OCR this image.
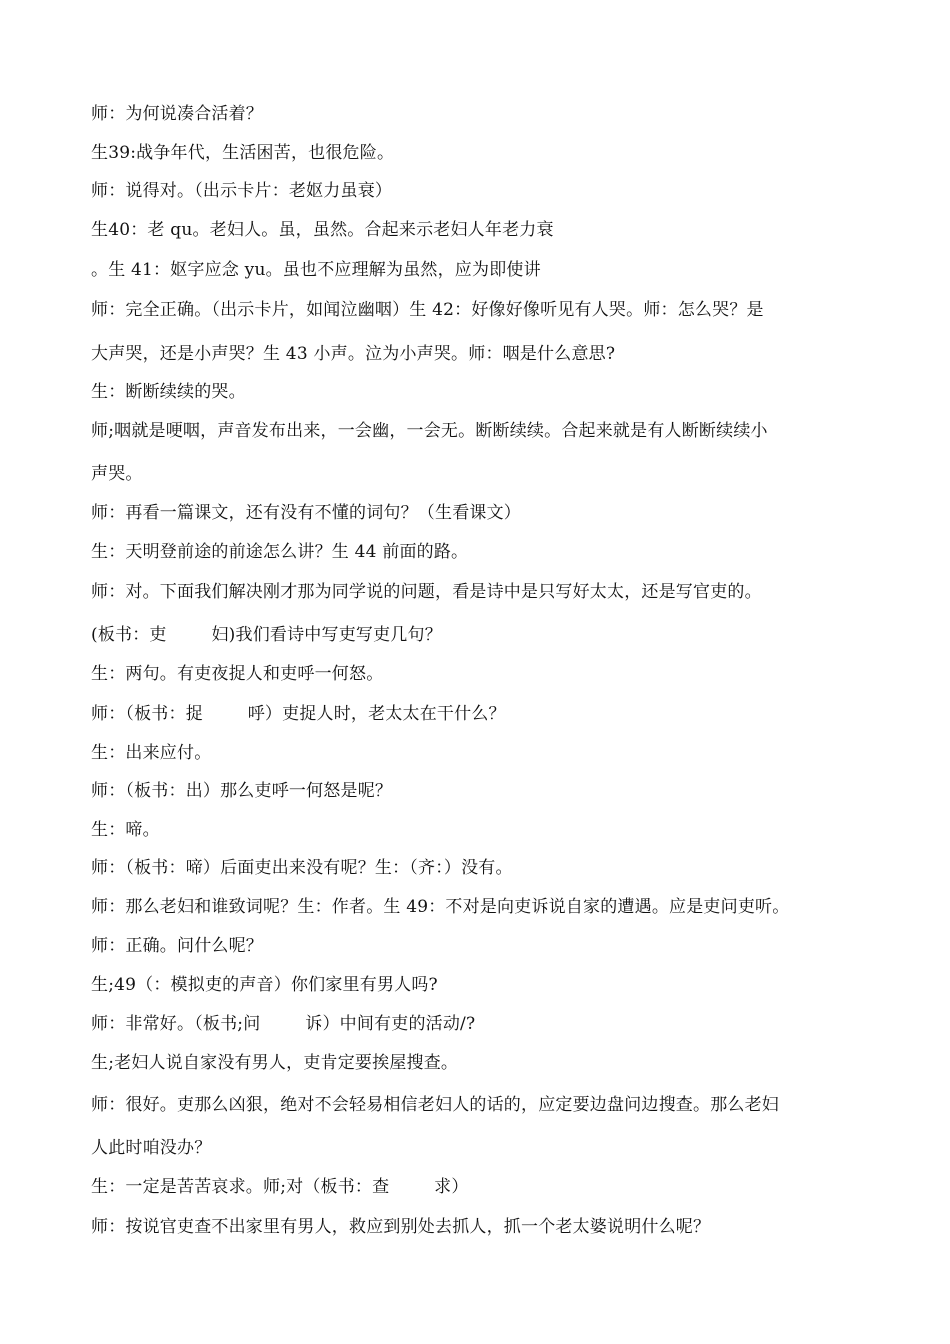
师：为何说凑合活着？
生39:战争年代，生活困苦，也很危险。
师：说得对。（出示卡片：老妪力虽衰）
生40：老 qu。老妇人。虽，虽然。合起来示老妇人年老力衰
。生 41：妪字应念 yu。虽也不应理解为虽然，应为即使讲
师：完全正确。（出示卡片，如闻泣幽咽）生 42：好像好像听见有人哭。师：怎么哭？是
大声哭，还是小声哭？生 43 小声。泣为小声哭。师：咽是什么意思?
生：断断续续的哭。
师;咽就是哽咽，声音发布出来，一会幽，一会无。断断续续。合起来就是有人断断续续小
声哭。
师：再看一篇课文，还有没有不懂的词句？（生看课文）
生：天明登前途的前途怎么讲？生 44 前面的路。
师：对。下面我们解决刚才那为同学说的问题，看是诗中是只写好太太，还是写官吏的。
(板书：吏        妇)我们看诗中写吏写吏几句？
生：两句。有吏夜捉人和吏呼一何怒。
师：（板书：捉        呼）吏捉人时，老太太在干什么？
生：出来应付。
师：（板书：出）那么吏呼一何怒是呢？
生：啼。
师：（板书：啼）后面吏出来没有呢？生：（齐：）没有。
师：那么老妇和谁致词呢？生：作者。生 49：不对是向吏诉说自家的遭遇。应是吏问吏听。
师：正确。问什么呢？
生;49（：模拟吏的声音）你们家里有男人吗?
师：非常好。（板书;问        诉）中间有吏的活动/?
生;老妇人说自家没有男人，吏肯定要挨屋搜查。
师：很好。吏那么凶狠，绝对不会轻易相信老妇人的话的，应定要边盘问边搜查。那么老妇
人此时咱没办？
生：一定是苦苦哀求。师;对（板书：查        求）
师：按说官吏查不出家里有男人，救应到别处去抓人，抓一个老太婆说明什么呢？
